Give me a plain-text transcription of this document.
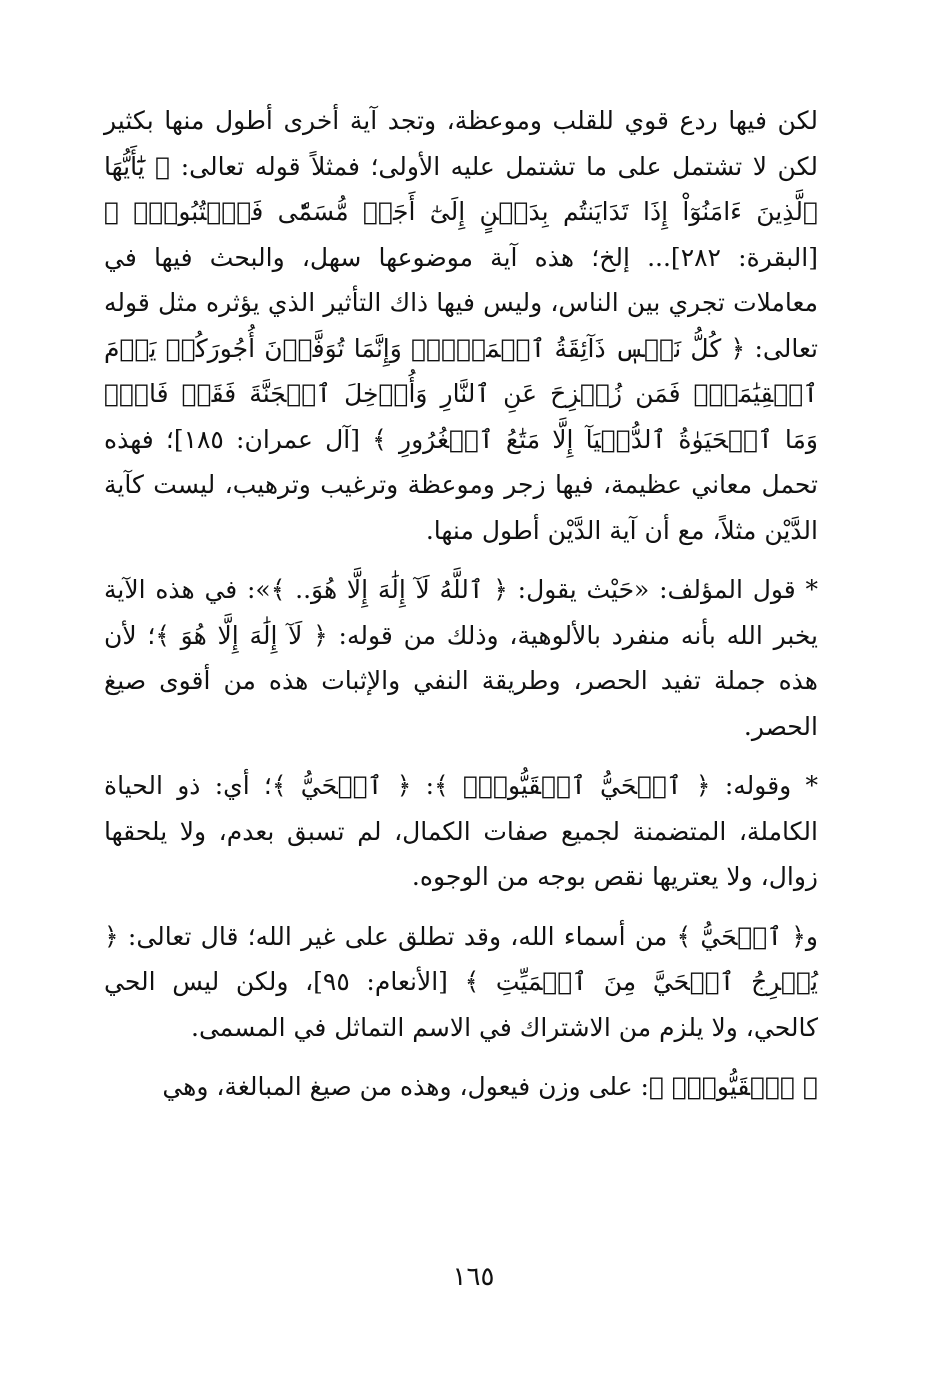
لكن فيها ردع قوي للقلب وموعظة، وتجد آية أخرى أطول منها بكثير لكن لا تشتمل على ما تشتمل عليه الأولى؛ فمثلاً قوله تعالى: ﴿ يَٰٓأَيُّهَا ٱلَّذِينَ ءَامَنُوٓاْ إِذَا تَدَايَنتُم بِدَيۡنٍ إِلَىٰٓ أَجَلٖ مُّسَمّٗى فَٱكۡتُبُوهُۚ ﴾ [البقرة: ٢٨٢]... إلخ؛ هذه آية موضوعها سهل، والبحث فيها في معاملات تجري بين الناس، وليس فيها ذاك التأثير الذي يؤثره مثل قوله تعالى: ﴿ كُلُّ نَفۡسٖ ذَآئِقَةُ ٱلۡمَوۡتِۗ وَإِنَّمَا تُوَفَّوۡنَ أُجُورَكُمۡ يَوۡمَ ٱلۡقِيَٰمَةِۖ فَمَن زُحۡزِحَ عَنِ ٱلنَّارِ وَأُدۡخِلَ ٱلۡجَنَّةَ فَقَدۡ فَازَۗ وَمَا ٱلۡحَيَوٰةُ ٱلدُّنۡيَآ إِلَّا مَتَٰعُ ٱلۡغُرُورِ ﴾ [آل عمران: ١٨٥]؛ فهذه تحمل معاني عظيمة، فيها زجر وموعظة وترغيب وترهيب، ليست كآية الدَّيْن مثلاً، مع أن آية الدَّيْن أطول منها.

* قول المؤلف: «حَيْث يقول: ﴿ ٱللَّهُ لَآ إِلَٰهَ إِلَّا هُوَ.. ﴾»: في هذه الآية يخبر الله بأنه منفرد بالألوهية، وذلك من قوله: ﴿ لَآ إِلَٰهَ إِلَّا هُوَ ﴾؛ لأن هذه جملة تفيد الحصر، وطريقة النفي والإثبات هذه من أقوى صيغ الحصر.

* وقوله: ﴿ ٱلۡحَيُّ ٱلۡقَيُّومُۚ ﴾: ﴿ ٱلۡحَيُّ ﴾؛ أي: ذو الحياة الكاملة، المتضمنة لجميع صفات الكمال، لم تسبق بعدم، ولا يلحقها زوال، ولا يعتريها نقص بوجه من الوجوه.

و﴿ ٱلۡحَيُّ ﴾ من أسماء الله، وقد تطلق على غير الله؛ قال تعالى: ﴿ يُخۡرِجُ ٱلۡحَيَّ مِنَ ٱلۡمَيِّتِ ﴾ [الأنعام: ٩٥]، ولكن ليس الحي كالحي، ولا يلزم من الاشتراك في الاسم التماثل في المسمى.

﴿ ٱلۡقَيُّومُۚ ﴾: على وزن فيعول، وهذه من صيغ المبالغة، وهي

١٦٥
